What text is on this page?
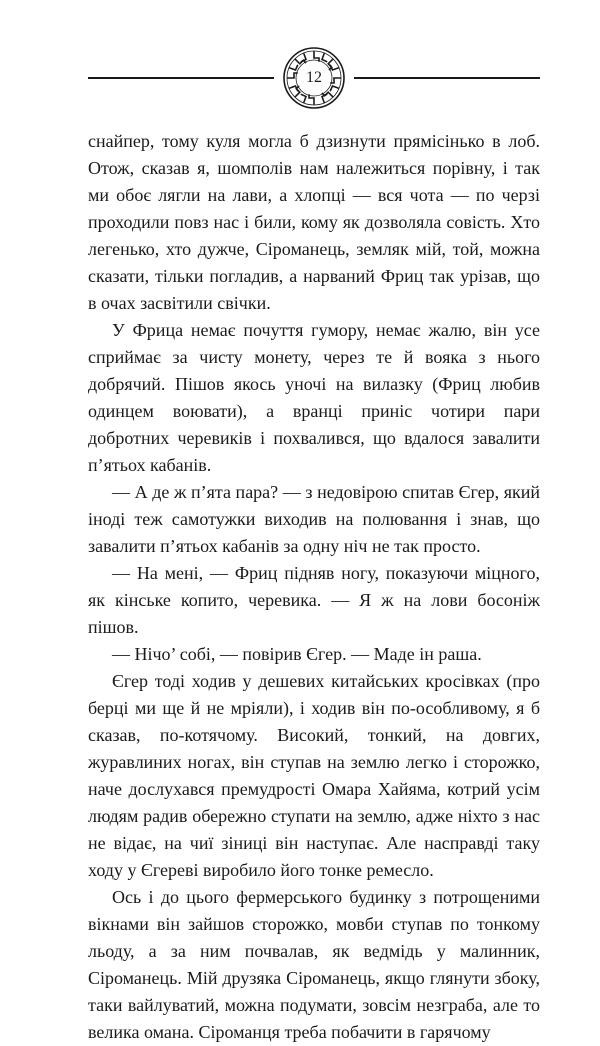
12

снайпер, тому куля могла б дзизнути прямісінько в лоб. Отож, сказав я, шомполів нам належиться порівну, і так ми обоє лягли на лави, а хлопці — вся чота — по черзі проходили повз нас і били, кому як дозволяла совість. Хто легенько, хто дужче, Сіроманець, земляк мій, той, можна сказати, тільки погладив, а нарваний Фриц так урізав, що в очах засвітили свічки.

У Фрица немає почуття гумору, немає жалю, він усе сприймає за чисту монету, через те й вояка з нього добрячий. Пішов якось уночі на вилазку (Фриц любив одинцем воювати), а вранці приніс чотири пари добротних черевиків і похвалився, що вдалося завалити п’ятьох кабанів.

— А де ж п’ята пара? — з недовірою спитав Єгер, який іноді теж самотужки виходив на полювання і знав, що завалити п’ятьох кабанів за одну ніч не так просто.

— На мені, — Фриц підняв ногу, показуючи міцного, як кінське копито, черевика. — Я ж на лови босоніж пішов.

— Нічо’ собі, — повірив Єгер. — Маде ін раша.

Єгер тоді ходив у дешевих китайських кросівках (про берці ми ще й не мріяли), і ходив він по-особливому, я б сказав, по-котячому. Високий, тонкий, на довгих, журавлиних ногах, він ступав на землю легко і сторожко, наче дослухався премудрості Омара Хайяма, котрий усім людям радив обережно ступати на землю, адже ніхто з нас не відає, на чиї зіниці він наступає. Але насправді таку ходу у Єгереві виробило його тонке ремесло.

Ось і до цього фермерського будинку з потрощеними вікнами він зайшов сторожко, мовби ступав по тонкому льоду, а за ним почвалав, як ведмідь у малинник, Сіроманець. Мій друзяка Сіроманець, якщо глянути збоку, таки вайлуватий, можна подумати, зовсім незграба, але то велика омана. Сіроманця треба побачити в гарячому
